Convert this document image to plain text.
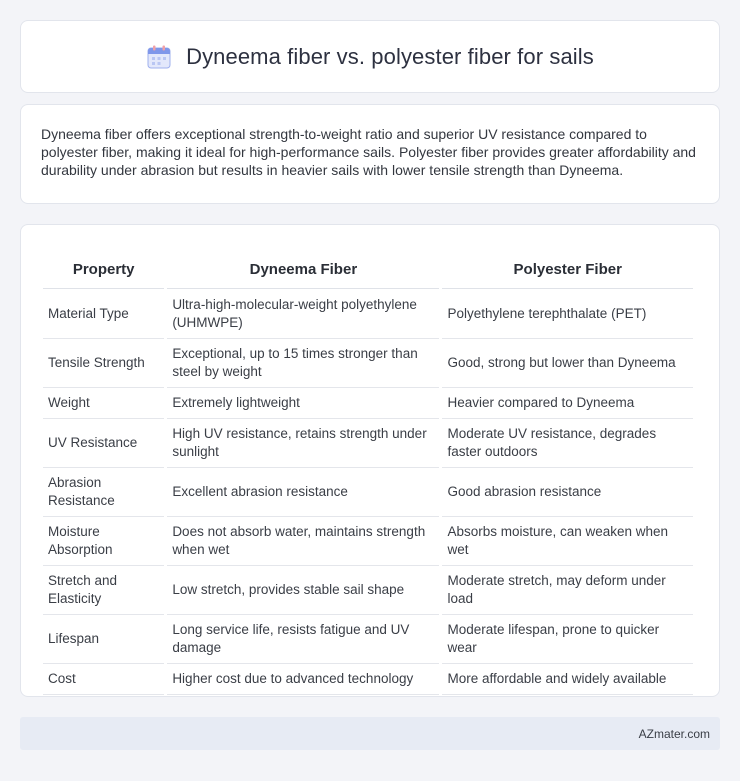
Dyneema fiber vs. polyester fiber for sails

Dyneema fiber offers exceptional strength-to-weight ratio and superior UV resistance compared to polyester fiber, making it ideal for high-performance sails. Polyester fiber provides greater affordability and durability under abrasion but results in heavier sails with lower tensile strength than Dyneema.

Property	Dyneema Fiber	Polyester Fiber
Material Type	Ultra-high-molecular-weight polyethylene (UHMWPE)	Polyethylene terephthalate (PET)
Tensile Strength	Exceptional, up to 15 times stronger than steel by weight	Good, strong but lower than Dyneema
Weight	Extremely lightweight	Heavier compared to Dyneema
UV Resistance	High UV resistance, retains strength under sunlight	Moderate UV resistance, degrades faster outdoors
Abrasion Resistance	Excellent abrasion resistance	Good abrasion resistance
Moisture Absorption	Does not absorb water, maintains strength when wet	Absorbs moisture, can weaken when wet
Stretch and Elasticity	Low stretch, provides stable sail shape	Moderate stretch, may deform under load
Lifespan	Long service life, resists fatigue and UV damage	Moderate lifespan, prone to quicker wear
Cost	Higher cost due to advanced technology	More affordable and widely available
AZmater.com
